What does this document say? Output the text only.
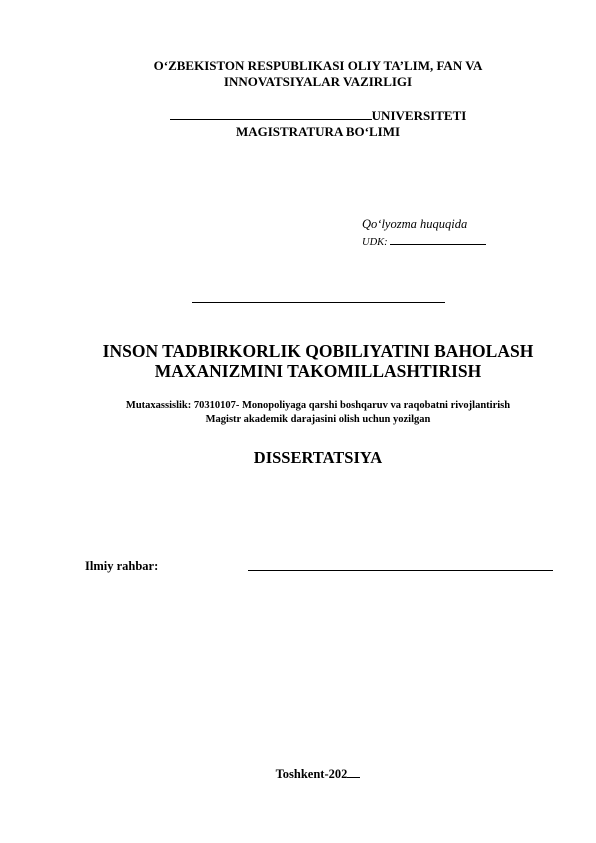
O‘ZBEKISTON RESPUBLIKASI OLIY TA’LIM, FAN VA
INNOVATSIYALAR VAZIRLIGI
UNIVERSITETI
MAGISTRATURA BO‘LIMI
Qo‘lyozma huquqida
UDK:
INSON TADBIRKORLIK QOBILIYATINI BAHOLASH
MAXANIZMINI TAKOMILLASHTIRISH
Mutaxassislik: 70310107- Monopoliyaga qarshi boshqaruv va raqobatni rivojlantirish
Magistr akademik darajasini olish uchun yozilgan
DISSERTATSIYA
Ilmiy rahbar:
Toshkent-202
